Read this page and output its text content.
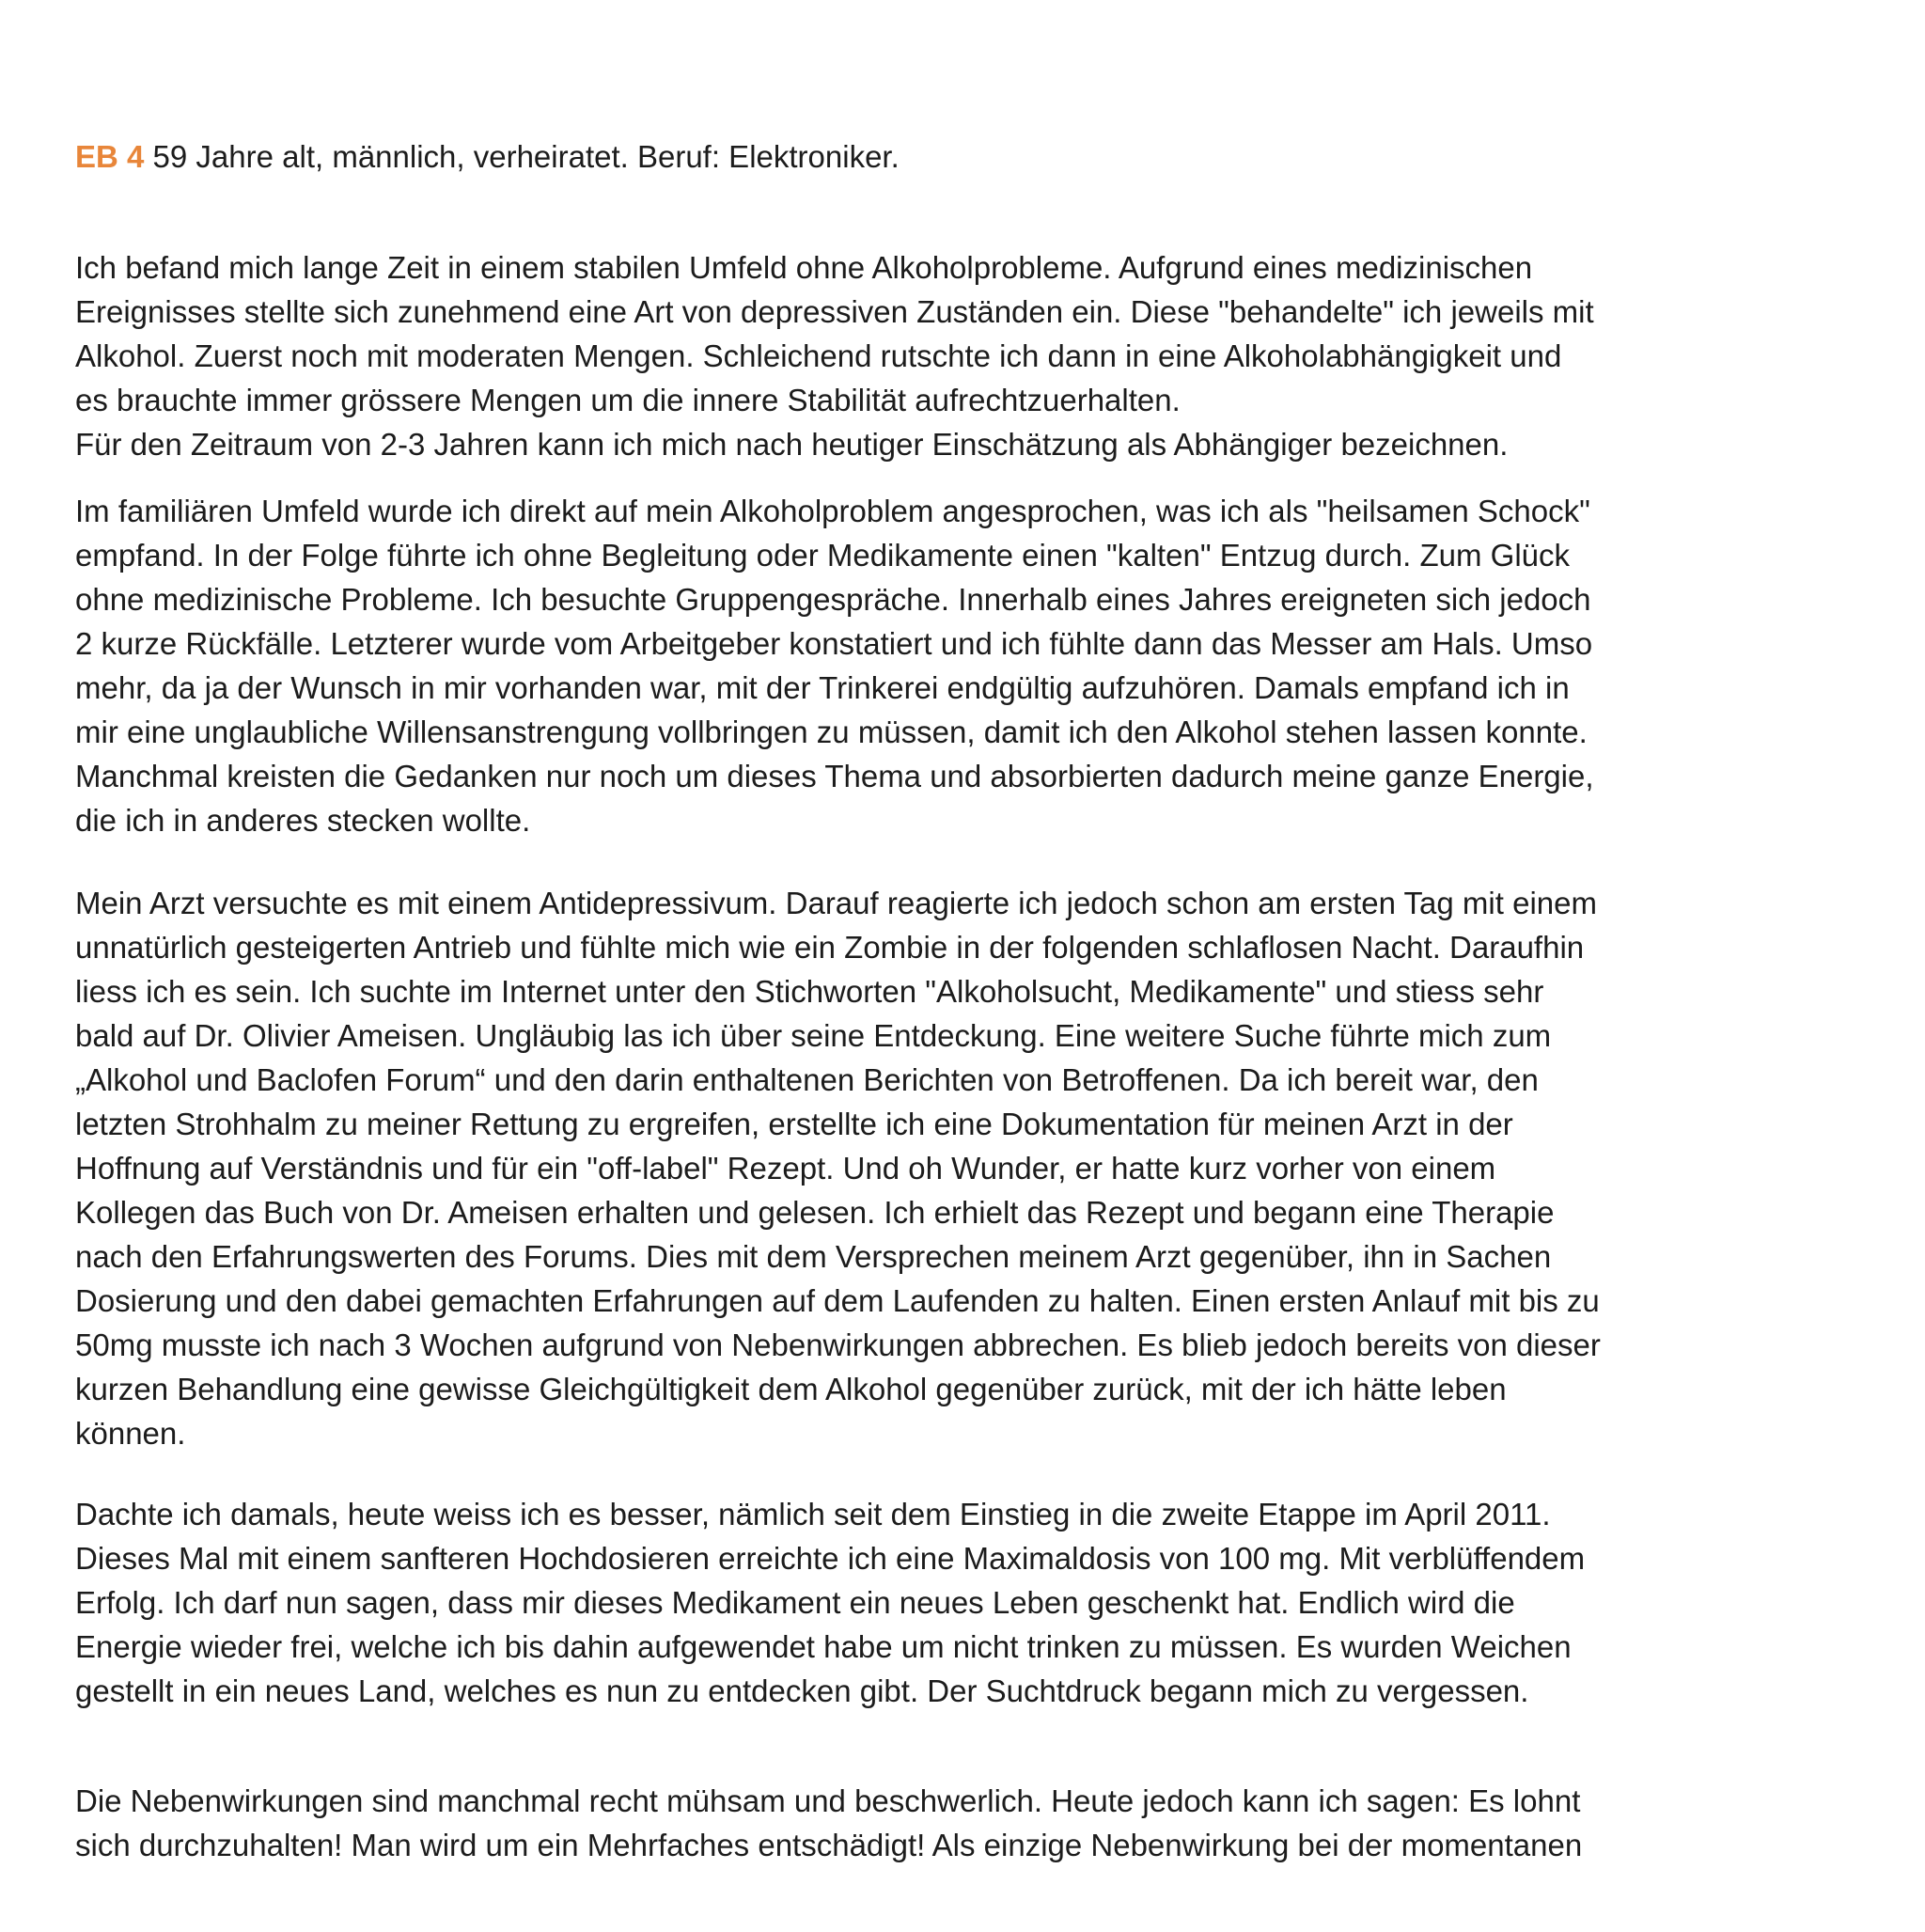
EB 4 59 Jahre alt, männlich, verheiratet. Beruf: Elektroniker.
Ich befand mich lange Zeit in einem stabilen Umfeld ohne Alkoholprobleme. Aufgrund eines medizinischen
Ereignisses stellte sich zunehmend eine Art von depressiven Zuständen ein. Diese "behandelte" ich jeweils mit
Alkohol. Zuerst noch mit moderaten Mengen. Schleichend rutschte ich dann in eine Alkoholabhängigkeit und
es brauchte immer grössere Mengen um die innere Stabilität aufrechtzuerhalten.
Für den Zeitraum von 2-3 Jahren kann ich mich nach heutiger Einschätzung als Abhängiger bezeichnen.
Im familiären Umfeld wurde ich direkt auf mein Alkoholproblem angesprochen, was ich als "heilsamen Schock"
empfand. In der Folge führte ich ohne Begleitung oder Medikamente einen "kalten" Entzug durch. Zum Glück
ohne medizinische Probleme. Ich besuchte Gruppengespräche. Innerhalb eines Jahres ereigneten sich jedoch
2 kurze Rückfälle. Letzterer wurde vom Arbeitgeber konstatiert und ich fühlte dann das Messer am Hals. Umso
mehr, da ja der Wunsch in mir vorhanden war, mit der Trinkerei endgültig aufzuhören. Damals empfand ich in
mir eine unglaubliche Willensanstrengung vollbringen zu müssen, damit ich den Alkohol stehen lassen konnte.
Manchmal kreisten die Gedanken nur noch um dieses Thema und absorbierten dadurch meine ganze Energie,
die ich in anderes stecken wollte.
Mein Arzt versuchte es mit einem Antidepressivum. Darauf reagierte ich jedoch schon am ersten Tag mit einem
unnatürlich gesteigerten Antrieb und fühlte mich wie ein Zombie in der folgenden schlaflosen Nacht. Daraufhin
liess ich es sein. Ich suchte im Internet unter den Stichworten "Alkoholsucht, Medikamente" und stiess sehr
bald auf Dr. Olivier Ameisen. Ungläubig las ich über seine Entdeckung. Eine weitere Suche führte mich zum
„Alkohol und Baclofen Forum“ und den darin enthaltenen Berichten von Betroffenen. Da ich bereit war, den
letzten Strohhalm zu meiner Rettung zu ergreifen, erstellte ich eine Dokumentation für meinen Arzt in der
Hoffnung auf Verständnis und für ein "off-label" Rezept. Und oh Wunder, er hatte kurz vorher von einem
Kollegen das Buch von Dr. Ameisen erhalten und gelesen. Ich erhielt das Rezept und begann eine Therapie
nach den Erfahrungswerten des Forums. Dies mit dem Versprechen meinem Arzt gegenüber, ihn in Sachen
Dosierung und den dabei gemachten Erfahrungen auf dem Laufenden zu halten. Einen ersten Anlauf mit bis zu
50mg musste ich nach 3 Wochen aufgrund von Nebenwirkungen abbrechen. Es blieb jedoch bereits von dieser
kurzen Behandlung eine gewisse Gleichgültigkeit dem Alkohol gegenüber zurück, mit der ich hätte leben
können.
Dachte ich damals, heute weiss ich es besser, nämlich seit dem Einstieg in die zweite Etappe im April 2011.
Dieses Mal mit einem sanfteren Hochdosieren erreichte ich eine Maximaldosis von 100 mg. Mit verblüffendem
Erfolg. Ich darf nun sagen, dass mir dieses Medikament ein neues Leben geschenkt hat. Endlich wird die
Energie wieder frei, welche ich bis dahin aufgewendet habe um nicht trinken zu müssen. Es wurden Weichen
gestellt in ein neues Land, welches es nun zu entdecken gibt. Der Suchtdruck begann mich zu vergessen.
Die Nebenwirkungen sind manchmal recht mühsam und beschwerlich. Heute jedoch kann ich sagen: Es lohnt
sich durchzuhalten! Man wird um ein Mehrfaches entschädigt! Als einzige Nebenwirkung bei der momentanen
